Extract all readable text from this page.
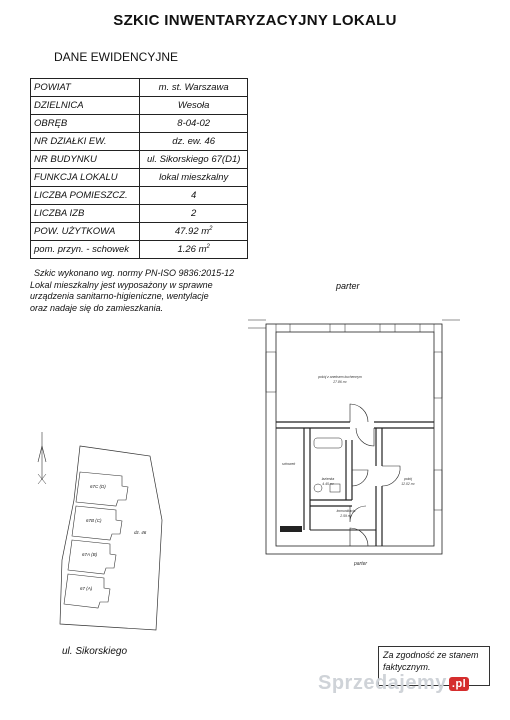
SZKIC INWENTARYZACYJNY LOKALU
DANE EWIDENCYJNE
POWIAT	m. st. Warszawa
DZIELNICA	Wesoła
OBRĘB	8-04-02
NR DZIAŁKI EW.	dz. ew. 46
NR BUDYNKU	ul. Sikorskiego 67(D1)
FUNKCJA LOKALU	lokal mieszkalny
LICZBA POMIESZCZ.	4
LICZBA IZB	2
POW. UŻYTKOWA	47.92 $m^2$
pom. przyn. - schowek	1.26 $m^2$
Szkic wykonano wg. normy PN-ISO 9836:2015-12
Lokal mieszkalny jest wyposażony w sprawne
urządzenia sanitarno-higieniczne, wentylacje
oraz nadaje się do zamieszkania.
parter
pokój z aneksem kuchennym
27.86 m²
schowek
łazienka
4.45 m²
pokój
12.02 m²
komunikacja
2.59 m²
parter
67C (D)
67B (C)
67A (B)
67 (A)
dz. 46
ul. Sikorskiego	Za zgodność ze stanem
faktycznym.
Sprzedajemy .pl
